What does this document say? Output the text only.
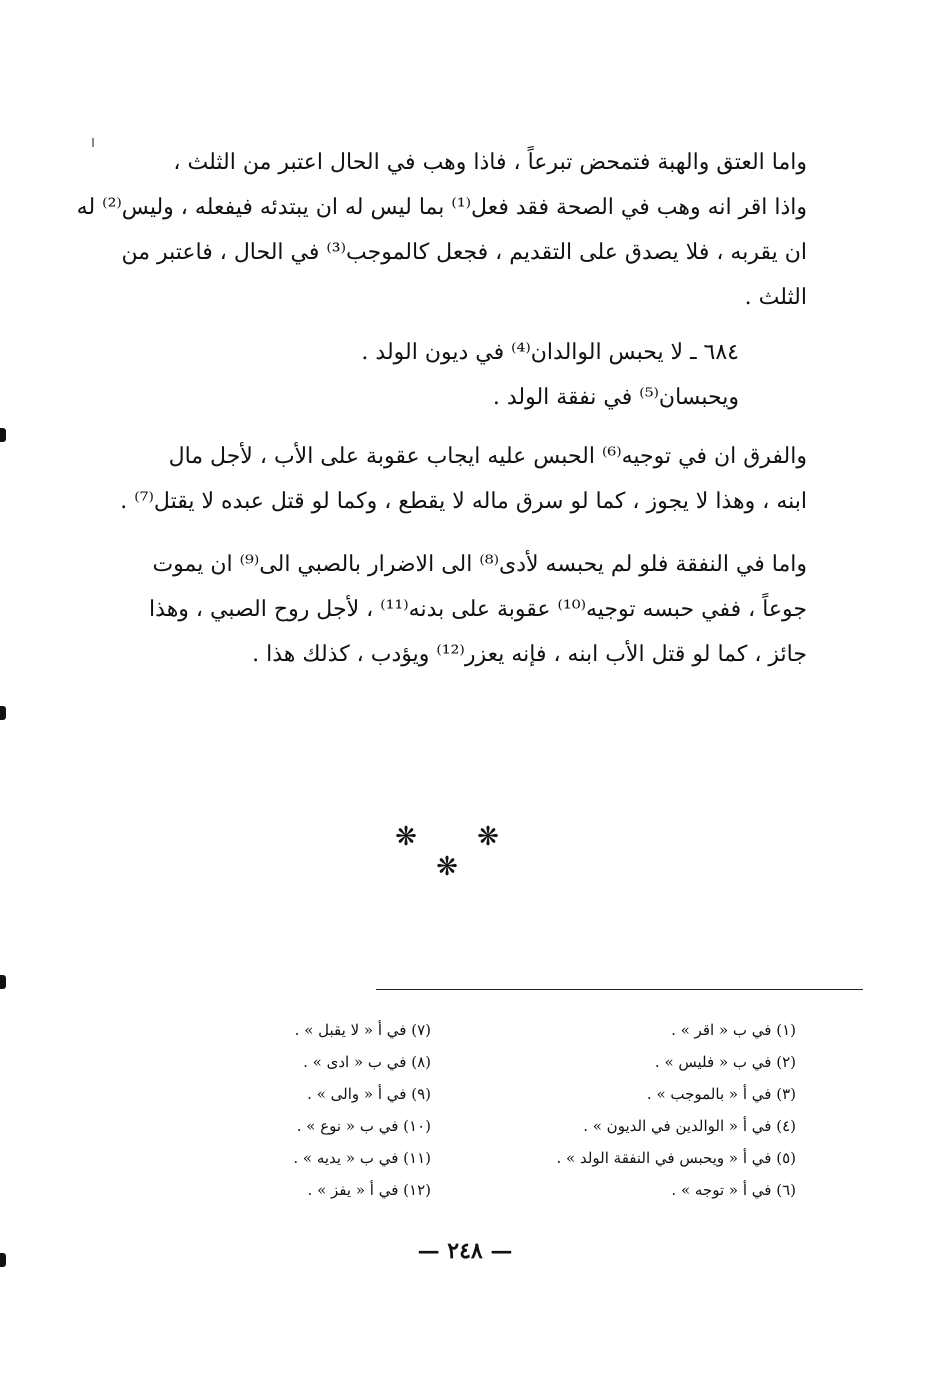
واما العتق والهبة فتمحض تبرعاً ، فاذا وهب في الحال اعتبر من الثلث ،
واذا اقر انه وهب في الصحة فقد فعل⁽¹⁾ بما ليس له ان يبتدئه فيفعله ، وليس⁽²⁾ له
ان يقربه ، فلا يصدق على التقديم ، فجعل كالموجب⁽³⁾ في الحال ، فاعتبر من
الثلث .
٦٨٤ ـ لا يحبس الوالدان⁽⁴⁾ في ديون الولد .
ويحبسان⁽⁵⁾ في نفقة الولد .
والفرق ان في توجيه⁽⁶⁾ الحبس عليه ايجاب عقوبة على الأب ، لأجل مال
ابنه ، وهذا لا يجوز ، كما لو سرق ماله لا يقطع ، وكما لو قتل عبده لا يقتل⁽⁷⁾ .
واما في النفقة فلو لم يحبسه لأدى⁽⁸⁾ الى الاضرار بالصبي الى⁽⁹⁾ ان يموت
جوعاً ، ففي حبسه توجيه⁽¹⁰⁾ عقوبة على بدنه⁽¹¹⁾ ، لأجل روح الصبي ، وهذا
جائز ، كما لو قتل الأب ابنه ، فإنه يعزر⁽¹²⁾ ويؤدب ، كذلك هذا .
❋ ❋ ❋
(١) في ب « اقر » .
(٢) في ب « فليس » .
(٣) في أ « بالموجب » .
(٤) في أ « الوالدين في الديون » .
(٥) في أ « ويحبس في النفقة الولد » .
(٦) في أ « توجه » .
(٧) في أ « لا يقبل » .
(٨) في ب « ادى » .
(٩) في أ « والى » .
(١٠) في ب « نوع » .
(١١) في ب « يديه » .
(١٢) في أ « يفز » .
— ٢٤٨ —
